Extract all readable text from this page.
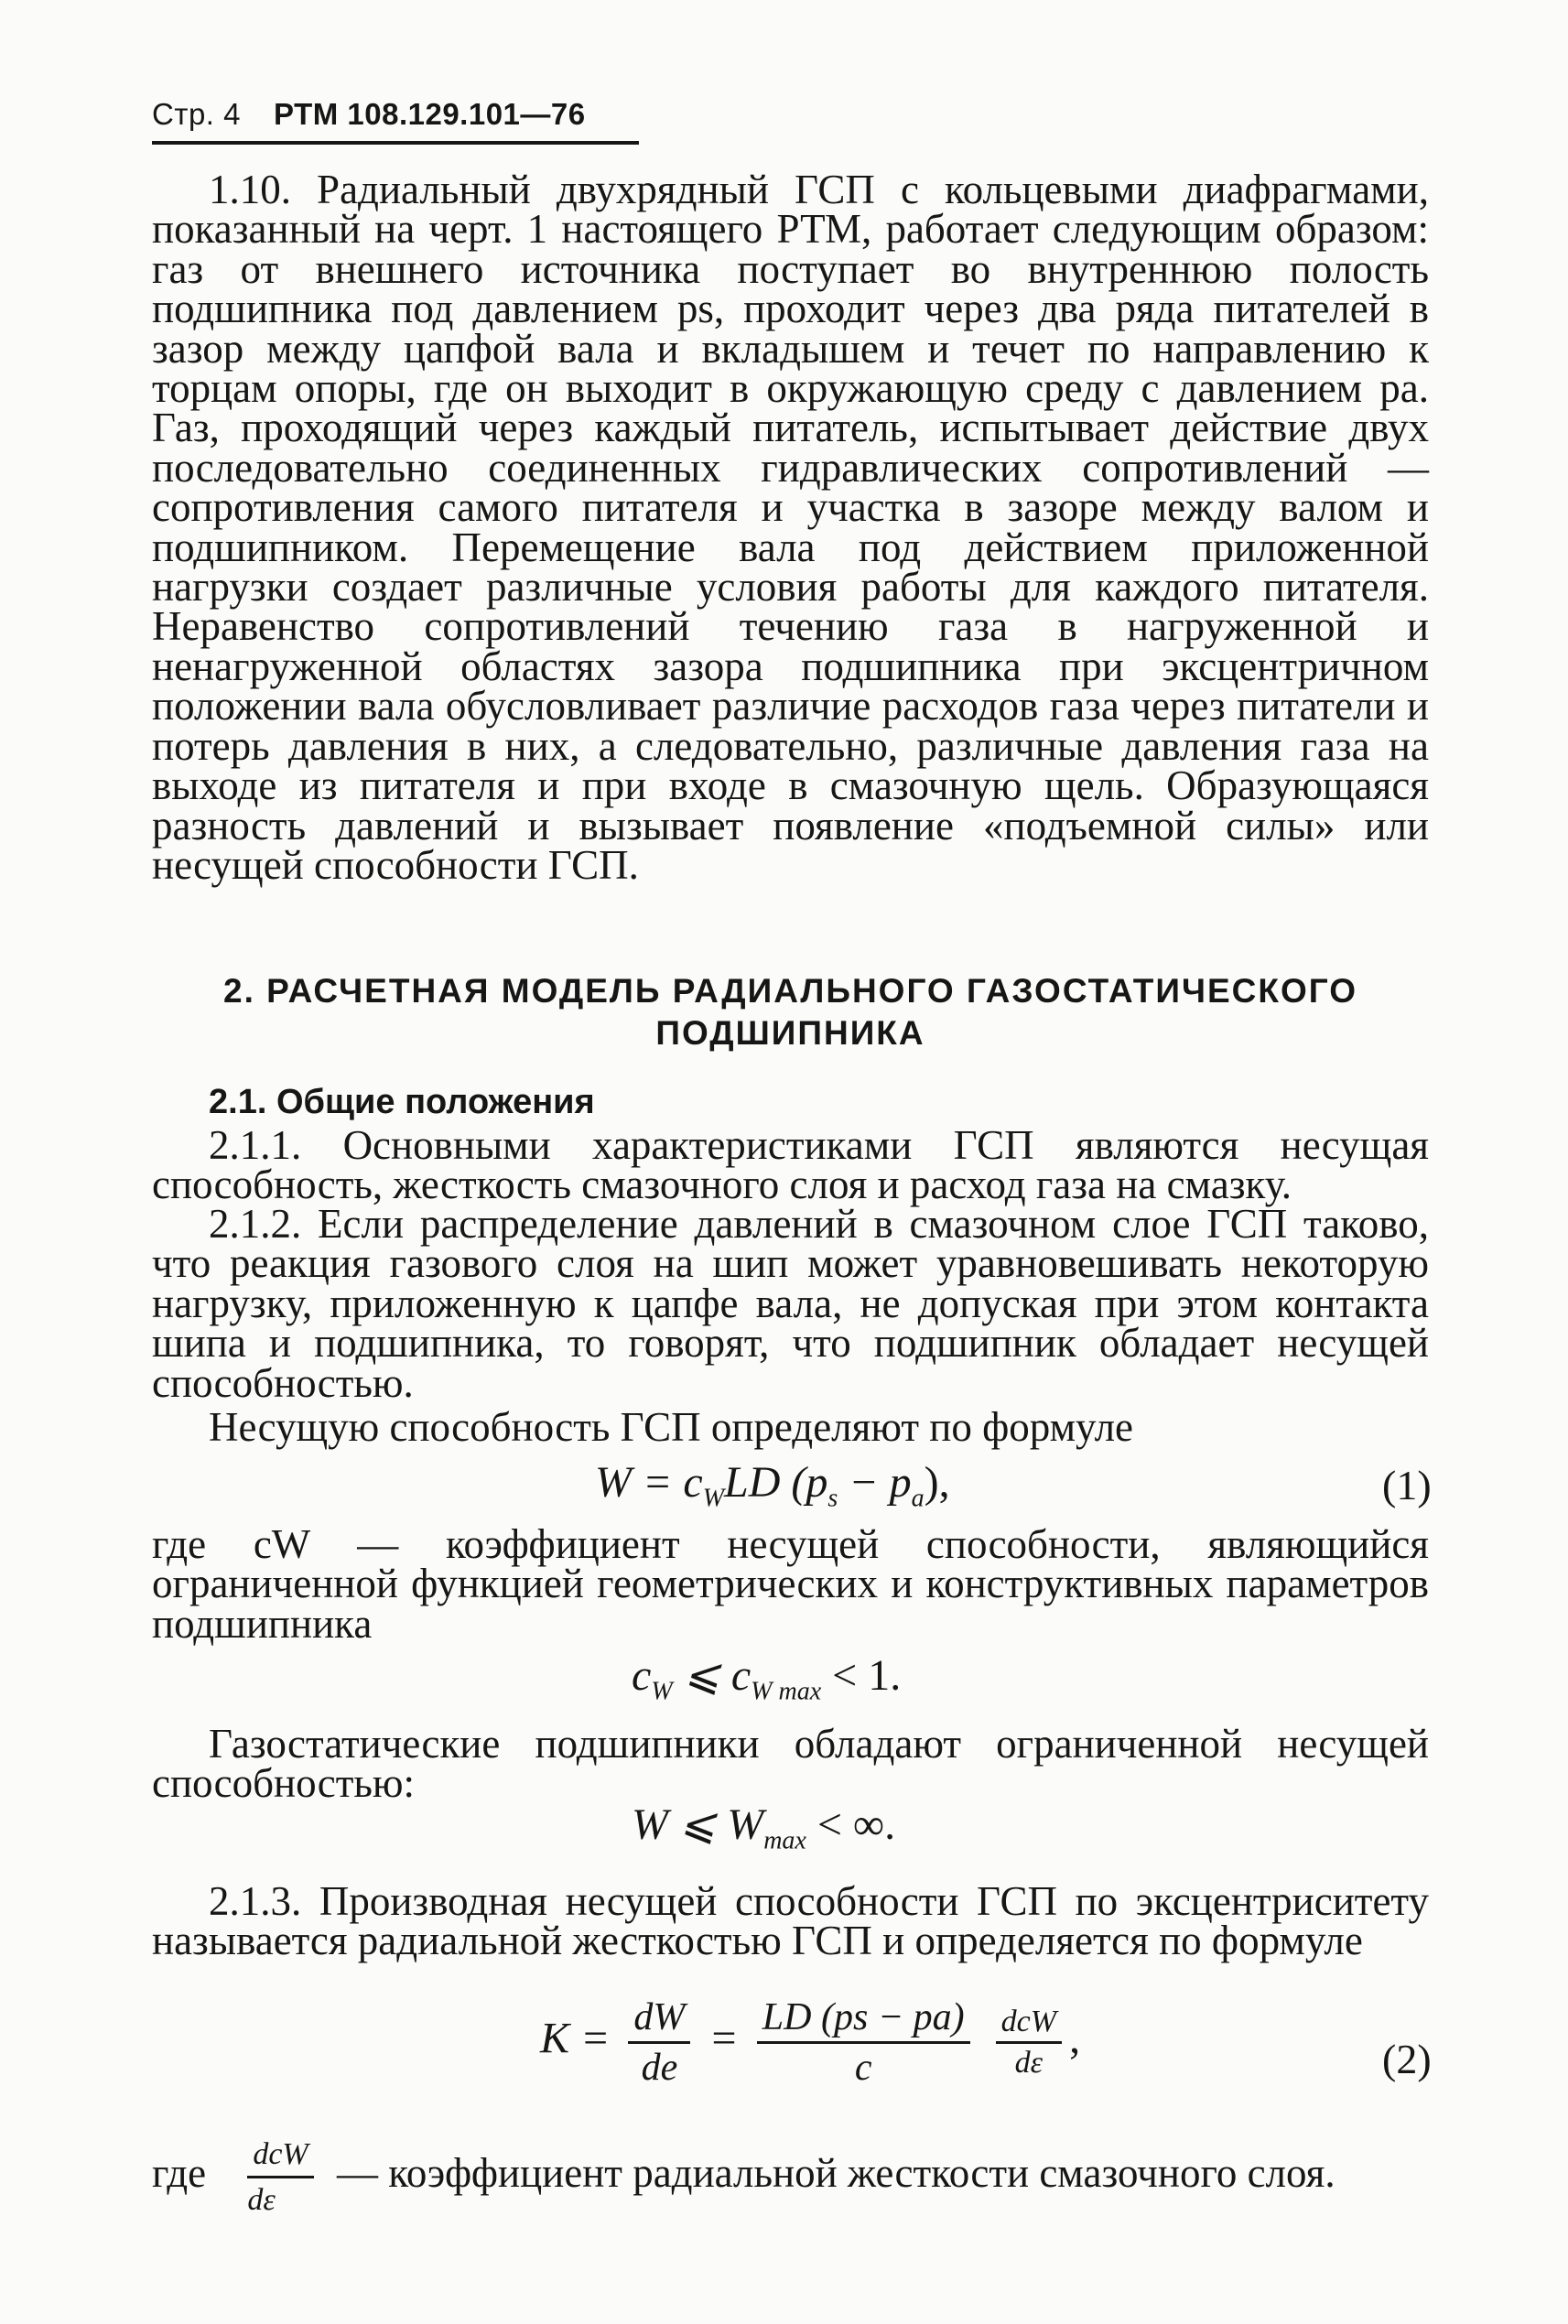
Стр. 4 РТМ 108.129.101—76

1.10. Радиальный двухрядный ГСП с кольцевыми диафрагмами, показанный на черт. 1 настоящего РТМ, работает следующим образом: газ от внешнего источника поступает во внутреннюю полость подшипника под давлением ps, проходит через два ряда питателей в зазор между цапфой вала и вкладышем и течет по направлению к торцам опоры, где он выходит в окружающую среду с давлением pa. Газ, проходящий через каждый питатель, испытывает действие двух последовательно соединенных гидравлических сопротивлений — сопротивления самого питателя и участка в зазоре между валом и подшипником. Перемещение вала под действием приложенной нагрузки создает различные условия работы для каждого питателя. Неравенство сопротивлений течению газа в нагруженной и ненагруженной областях зазора подшипника при эксцентричном положении вала обусловливает различие расходов газа через питатели и потерь давления в них, а следовательно, различные давления газа на выходе из питателя и при входе в смазочную щель. Образующаяся разность давлений и вызывает появление «подъемной силы» или несущей способности ГСП.

2. РАСЧЕТНАЯ МОДЕЛЬ РАДИАЛЬНОГО ГАЗОСТАТИЧЕСКОГО
ПОДШИПНИКА
2.1. Общие положения

2.1.1. Основными характеристиками ГСП являются несущая способность, жесткость смазочного слоя и расход газа на смазку.

2.1.2. Если распределение давлений в смазочном слое ГСП таково, что реакция газового слоя на шип может уравновешивать некоторую нагрузку, приложенную к цапфе вала, не допуская при этом контакта шипа и подшипника, то говорят, что подшипник обладает несущей способностью.

Несущую способность ГСП определяют по формуле

$W = c_WLD$ $(p_s - p_a)$,	(1)

где cW — коэффициент несущей способности, являющийся ограниченной функцией геометрических и конструктивных параметров подшипника

$c_W$ ⩽ $c_{W max} < 1$.

Газостатические подшипники обладают ограниченной несущей способностью:

W ⩽ $W_{max}$ < ∞.

2.1.3. Производная несущей способности ГСП по эксцентриситету называется радиальной жесткостью ГСП и определяется по формуле

$K = \frac{dW}{de} = \frac{LD (ps - pa)}{c}$
$\frac{\text{dcW}}{d\varepsilon}$ ,	(2)
где $\frac{\text{dcW}}{d\varepsilon}$ — коэффициент радиальной жесткости смазочного слоя.
